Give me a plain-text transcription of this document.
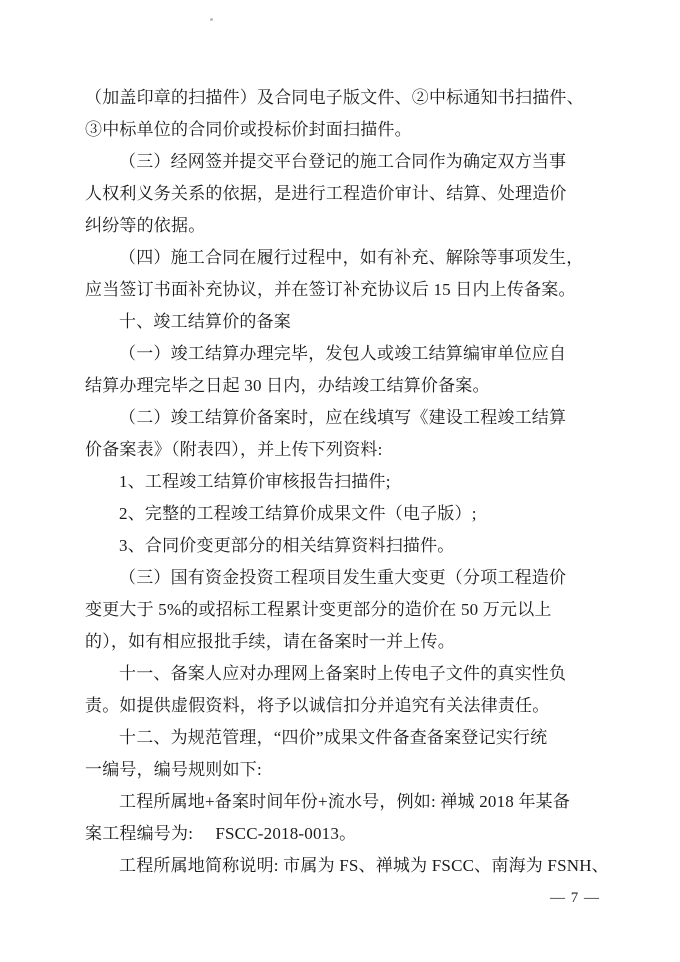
（加盖印章的扫描件）及合同电子版文件、②中标通知书扫描件、
③中标单位的合同价或投标价封面扫描件。
（三）经网签并提交平台登记的施工合同作为确定双方当事
人权利义务关系的依据，是进行工程造价审计、结算、处理造价
纠纷等的依据。
（四）施工合同在履行过程中，如有补充、解除等事项发生，
应当签订书面补充协议，并在签订补充协议后 15 日内上传备案。
十、竣工结算价的备案
（一）竣工结算办理完毕，发包人或竣工结算编审单位应自
结算办理完毕之日起 30 日内，办结竣工结算价备案。
（二）竣工结算价备案时，应在线填写《建设工程竣工结算
价备案表》（附表四），并上传下列资料:
1、工程竣工结算价审核报告扫描件;
2、完整的工程竣工结算价成果文件（电子版）;
3、合同价变更部分的相关结算资料扫描件。
（三）国有资金投资工程项目发生重大变更（分项工程造价
变更大于 5%的或招标工程累计变更部分的造价在 50 万元以上
的），如有相应报批手续，请在备案时一并上传。
十一、备案人应对办理网上备案时上传电子文件的真实性负
责。如提供虚假资料，将予以诚信扣分并追究有关法律责任。
十二、为规范管理，“四价”成果文件备查备案登记实行统
一编号，编号规则如下:
工程所属地+备案时间年份+流水号，例如: 禅城 2018 年某备
案工程编号为:     FSCC-2018-0013。
工程所属地简称说明: 市属为 FS、禅城为 FSCC、南海为 FSNH、
— 7 —
